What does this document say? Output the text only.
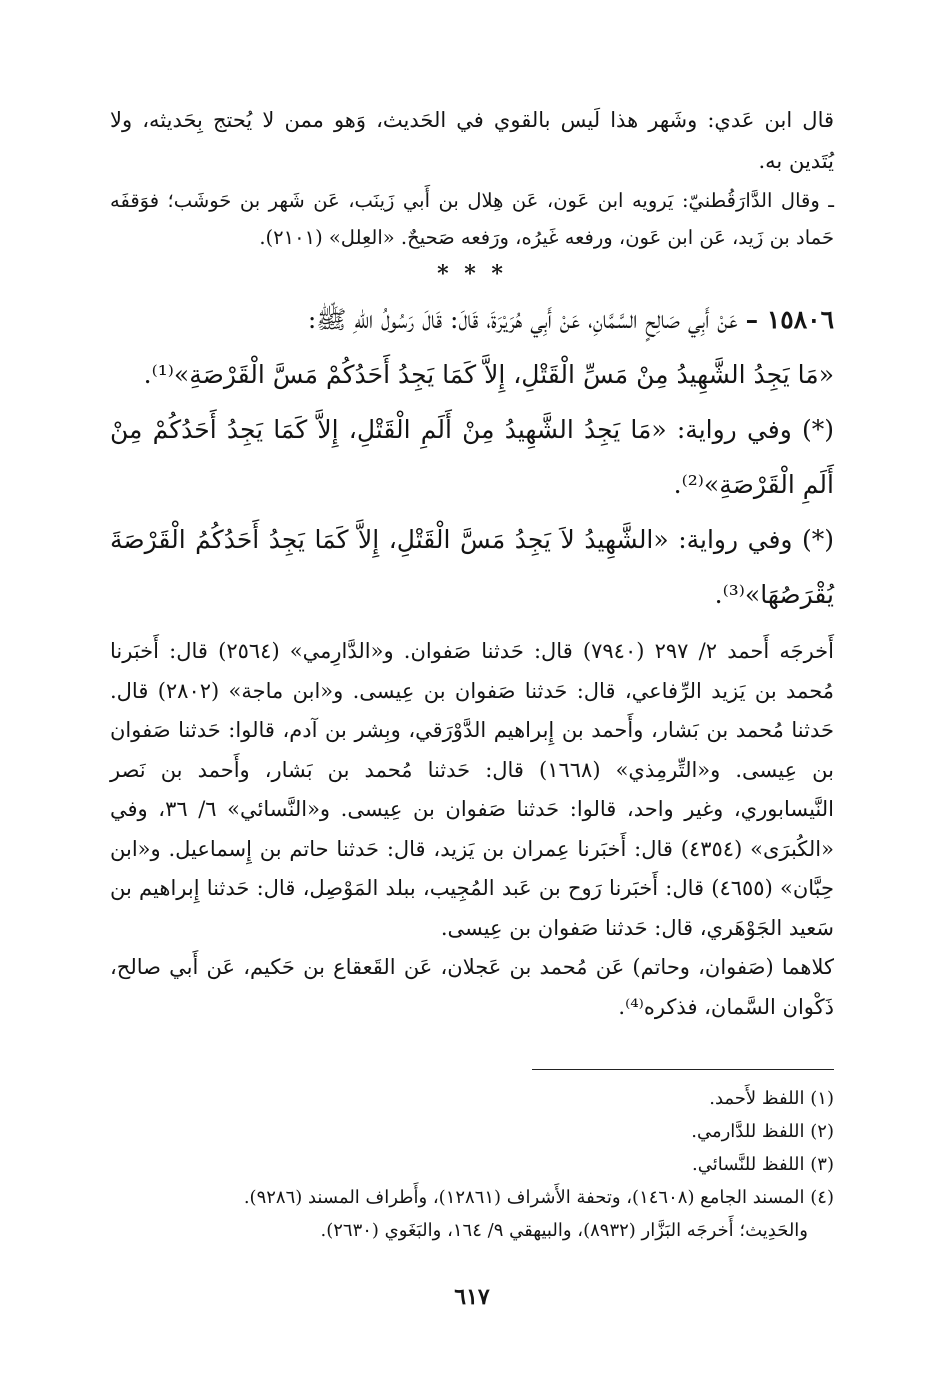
قال ابن عَدي: وشَهر هذا لَيس بالقوي في الحَديث، وَهو ممن لا يُحتج بِحَديثه، ولا يُتَدين به.

ـ وقال الدَّارَقُطنيّ: يَرويه ابن عَون، عَن هِلال بن أَبي زَينَب، عَن شَهر بن حَوشَب؛ فوَقفَه حَماد بن زَيد، عَن ابن عَون، ورفعه غَيرُه، ورَفعه صَحيحٌ. «العِلل» (٢١٠١).

* * *

١٥٨٠٦ – عَنْ أَبِي صَالِحٍ السَّمَّانِ، عَنْ أَبِي هُرَيْرَةَ، قَالَ: قَالَ رَسُولُ اللهِ ﷺ:

«مَا يَجِدُ الشَّهِيدُ مِنْ مَسِّ الْقَتْلِ، إِلاَّ كَمَا يَجِدُ أَحَدُكُمْ مَسَّ الْقَرْصَةِ»⁽¹⁾.

(*) وفي رواية: «مَا يَجِدُ الشَّهِيدُ مِنْ أَلَمِ الْقَتْلِ، إِلاَّ كَمَا يَجِدُ أَحَدُكُمْ مِنْ أَلَمِ الْقَرْصَةِ»⁽²⁾.

(*) وفي رواية: «الشَّهِيدُ لاَ يَجِدُ مَسَّ الْقَتْلِ، إِلاَّ كَمَا يَجِدُ أَحَدُكُمُ الْقَرْصَةَ يُقْرَصُهَا»⁽³⁾.

أَخرجَه أَحمد ٢/ ٢٩٧ (٧٩٤٠) قال: حَدثنا صَفوان. و«الدَّارِمي» (٢٥٦٤) قال: أَخبَرنا مُحمد بن يَزيد الرِّفاعي، قال: حَدثنا صَفوان بن عِيسى. و«ابن ماجة» (٢٨٠٢) قال. حَدثنا مُحمد بن بَشار، وأَحمد بن إِبراهيم الدَّوْرَقي، وبِشر بن آدم، قالوا: حَدثنا صَفوان بن عِيسى. و«التِّرمِذي» (١٦٦٨) قال: حَدثنا مُحمد بن بَشار، وأَحمد بن نَصر النَّيسابوري، وغير واحد، قالوا: حَدثنا صَفوان بن عِيسى. و«النَّسائي» ٦/ ٣٦، وفي «الكُبرَى» (٤٣٥٤) قال: أَخبَرنا عِمران بن يَزيد، قال: حَدثنا حاتم بن إِسماعيل. و«ابن حِبَّان» (٤٦٥٥) قال: أَخبَرنا رَوح بن عَبد المُجِيب، ببلد المَوْصِل، قال: حَدثنا إِبراهيم بن سَعيد الجَوْهَري، قال: حَدثنا صَفوان بن عِيسى.

كلاهما (صَفوان، وحاتم) عَن مُحمد بن عَجلان، عَن القَعقاع بن حَكيم، عَن أَبي صالح، ذَكْوان السَّمان، فذكره⁽⁴⁾.

(١) اللفظ لأَحمد.

(٢) اللفظ للدَّارمي.

(٣) اللفظ للنَّسائي.

(٤) المسند الجامع (١٤٦٠٨)، وتحفة الأَشراف (١٢٨٦١)، وأَطراف المسند (٩٢٨٦).

والحَدِيث؛ أَخرجَه البَزَّار (٨٩٣٢)، والبيهقي ٩/ ١٦٤، والبَغَوي (٢٦٣٠).

٦١٧
